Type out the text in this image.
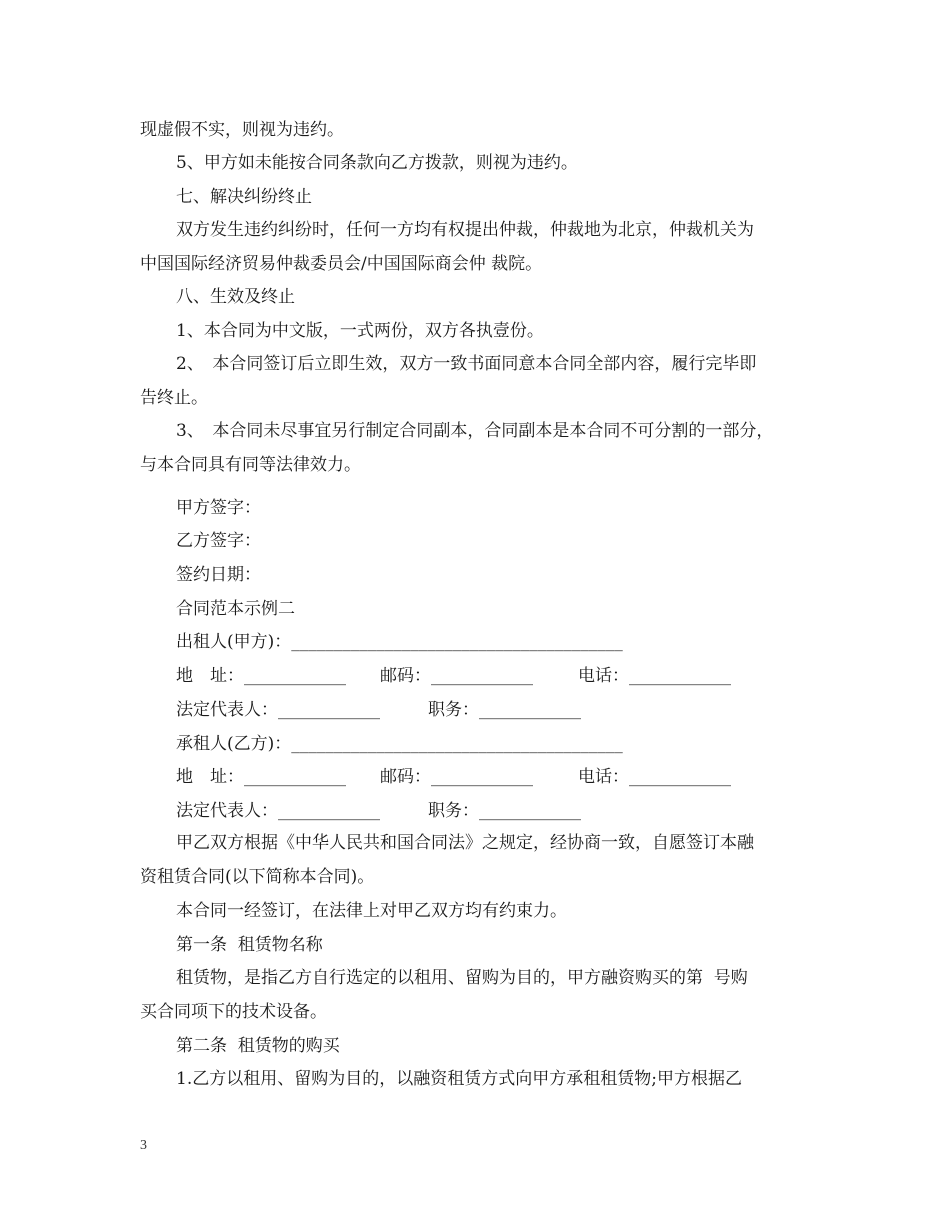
现虚假不实，则视为违约。
5、甲方如未能按合同条款向乙方拨款，则视为违约。
七、解决纠纷终止
双方发生违约纠纷时，任何一方均有权提出仲裁，仲裁地为北京，仲裁机关为
中国国际经济贸易仲裁委员会/中国国际商会仲 裁院。
八、生效及终止
1、本合同为中文版，一式两份，双方各执壹份。
2、　本合同签订后立即生效，双方一致书面同意本合同全部内容，履行完毕即
告终止。
3、　本合同未尽事宜另行制定合同副本，合同副本是本合同不可分割的一部分，
与本合同具有同等法律效力。
甲方签字：
乙方签字：
签约日期：
合同范本示例二
出租人(甲方)：_______________________________________
地　址：____________ 邮码：____________	电话：____________
法定代表人：____________	职务：____________
承租人(乙方)：_______________________________________
地　址：____________ 邮码：____________	电话：____________
法定代表人：____________	职务：____________
甲乙双方根据《中华人民共和国合同法》之规定，经协商一致，自愿签订本融
资租赁合同(以下简称本合同)。
本合同一经签订，在法律上对甲乙双方均有约束力。
第一条  租赁物名称
租赁物，是指乙方自行选定的以租用、留购为目的，甲方融资购买的第  号购
买合同项下的技术设备。
第二条  租赁物的购买
1.乙方以租用、留购为目的，以融资租赁方式向甲方承租租赁物;甲方根据乙
3
